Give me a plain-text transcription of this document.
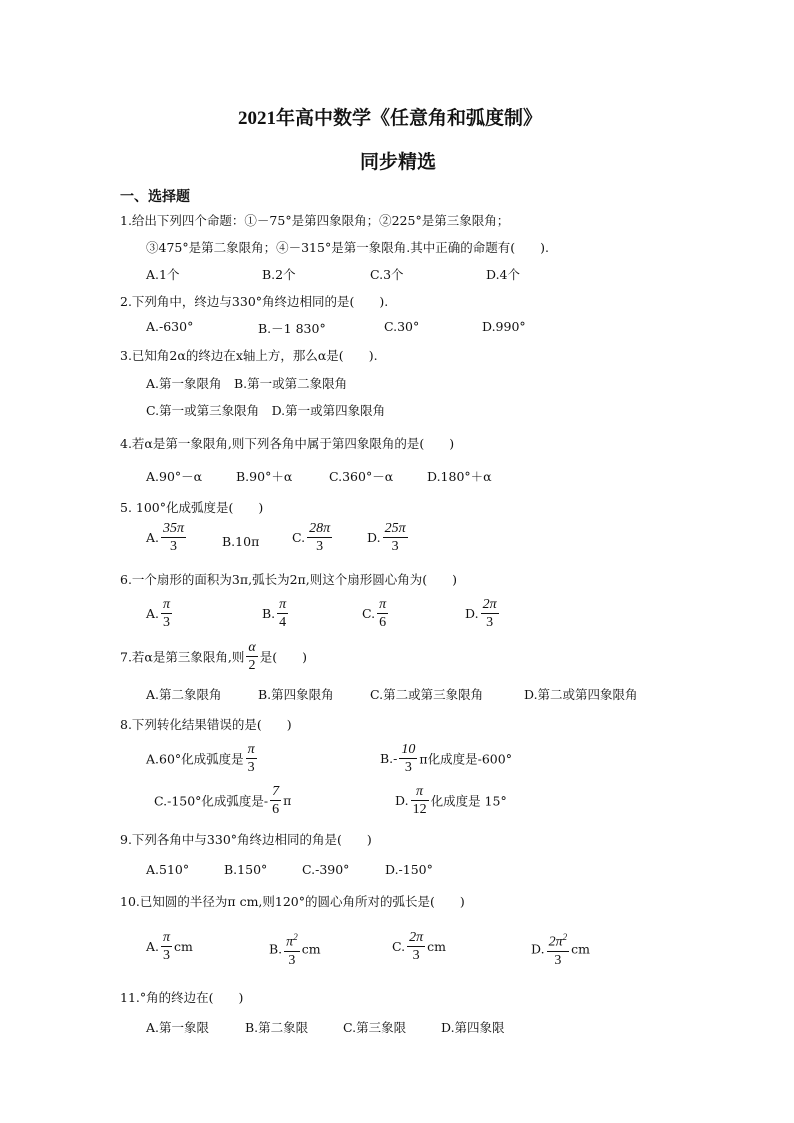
2021年高中数学《任意角和弧度制》
同步精选
一、选择题
1.给出下列四个命题：①－75°是第四象限角；②225°是第三象限角；
③475°是第二象限角；④－315°是第一象限角.其中正确的命题有(　　).
A.1个	B.2个	C.3个	D.4个
2.下列角中，终边与330°角终边相同的是(　　).
A.-630°	B.－1 830°	C.30°	D.990°
3.已知角2α的终边在x轴上方，那么α是(　　).
A.第一象限角　B.第一或第二象限角
C.第一或第三象限角　D.第一或第四象限角
4.若α是第一象限角,则下列各角中属于第四象限角的是(　　)
A.90°－α	B.90°＋α	C.360°－α	D.180°＋α
5. 100°化成弧度是(　　)
A. $\frac{35\pi}{3}$	B.10π	C. $\frac{28\pi}{3}$	D. $\frac{25\pi}{3}$
6.一个扇形的面积为3π,弧长为2π,则这个扇形圆心角为(　　)
A. $\frac{\pi}{3}$	B. $\frac{\pi}{4}$	C. $\frac{\pi}{6}$	D. $\frac{2\pi}{3}$
7.若α是第三象限角,则 $\frac{\alpha}{2}$ 是(　　)
A.第二象限角	B.第四象限角	C.第二或第三象限角	D.第二或第四象限角
8.下列转化结果错误的是(　　)
A.60°化成弧度是 $\frac{\pi}{3}$	$B.- \frac{10}{3}$ π化成度是-600°
C.-150°化成弧度是- $\frac{7}{6}$ π	D. $\frac{\pi}{12}$ 化成度是 15°
9.下列各角中与330°角终边相同的角是(　　)
A.510°	B.150°	C.-390°	D.-150°
10.已知圆的半径为π cm,则120°的圆心角所对的弧长是(　　)
A. $\frac{\pi}{3}$ cm	B. $\frac{\pi^2}{3}$ cm	C. $\frac{2\pi}{3}$ cm	D. $\frac{2\pi^2}{3}$ cm
11.°角的终边在(　　)
A.第一象限	B.第二象限	C.第三象限	D.第四象限
